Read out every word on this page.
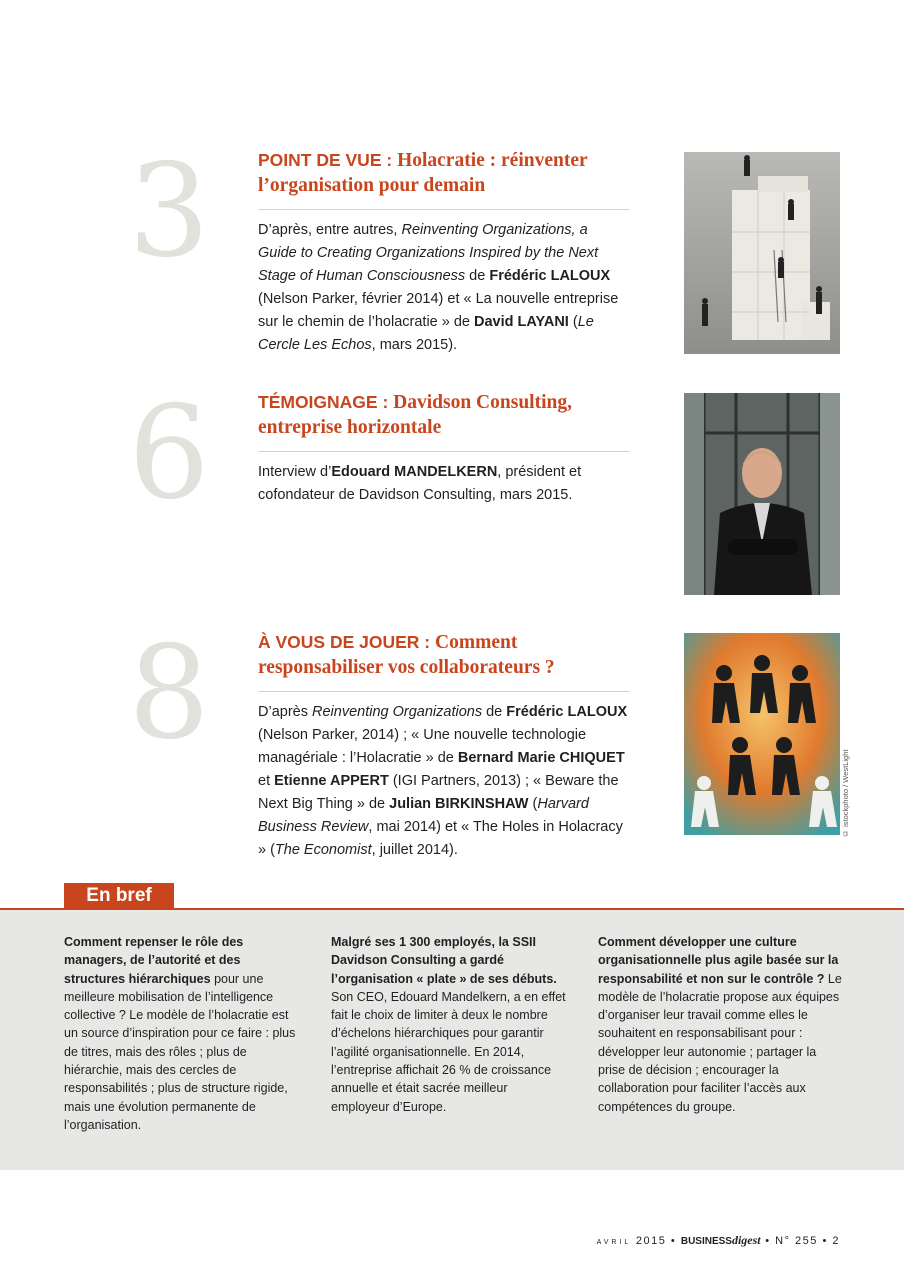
3	POINT DE VUE : Holacratie : réinventer l’organisation pour demain

D’après, entre autres, Reinventing Organizations, a Guide to Creating Organizations Inspired by the Next Stage of Human Consciousness de Frédéric LALOUX (Nelson Parker, février 2014) et « La nouvelle entreprise sur le chemin de l’holacratie » de David LAYANI (Le Cercle Les Echos, mars 2015).

6	TÉMOIGNAGE : Davidson Consulting, entreprise horizontale

Interview d’Edouard MANDELKERN, président et cofondateur de Davidson Consulting, mars 2015.

8	À VOUS DE JOUER : Comment responsabiliser vos collaborateurs ?

D’après Reinventing Organizations de Frédéric LALOUX (Nelson Parker, 2014) ; « Une nouvelle technologie managériale : l’Holacratie » de Bernard Marie CHIQUET et Etienne APPERT (IGI Partners, 2013) ; « Beware the Next Big Thing » de Julian BIRKINSHAW (Harvard Business Review, mai 2014) et « The Holes in Holacracy » (The Economist, juillet 2014).

© istockphoto / WestLight
En bref
Comment repenser le rôle des managers, de l’autorité et des structures hiérarchiques pour une meilleure mobilisation de l’intelligence collective ? Le modèle de l’holacratie est un source d’inspiration pour ce faire : plus de titres, mais des rôles ; plus de hiérarchie, mais des cercles de responsabilités ; plus de structure rigide, mais une évolution permanente de l’organisation.
Malgré ses 1 300 employés, la SSII Davidson Consulting a gardé l’organisation « plate » de ses débuts. Son CEO, Edouard Mandelkern, a en effet fait le choix de limiter à deux le nombre d’échelons hiérarchiques pour garantir l’agilité organisationnelle. En 2014, l’entreprise affichait 26 % de croissance annuelle et était sacrée meilleur employeur d’Europe.
Comment développer une culture organisationnelle plus agile basée sur la responsabilité et non sur le contrôle ? Le modèle de l’holacratie propose aux équipes d’organiser leur travail comme elles le souhaitent en responsabilisant pour : développer leur autonomie ; partager la prise de décision ; encourager la collaboration pour faciliter l’accès aux compétences du groupe.
AVRIL 2015 • BUSINESSdigest • N° 255 • 2
